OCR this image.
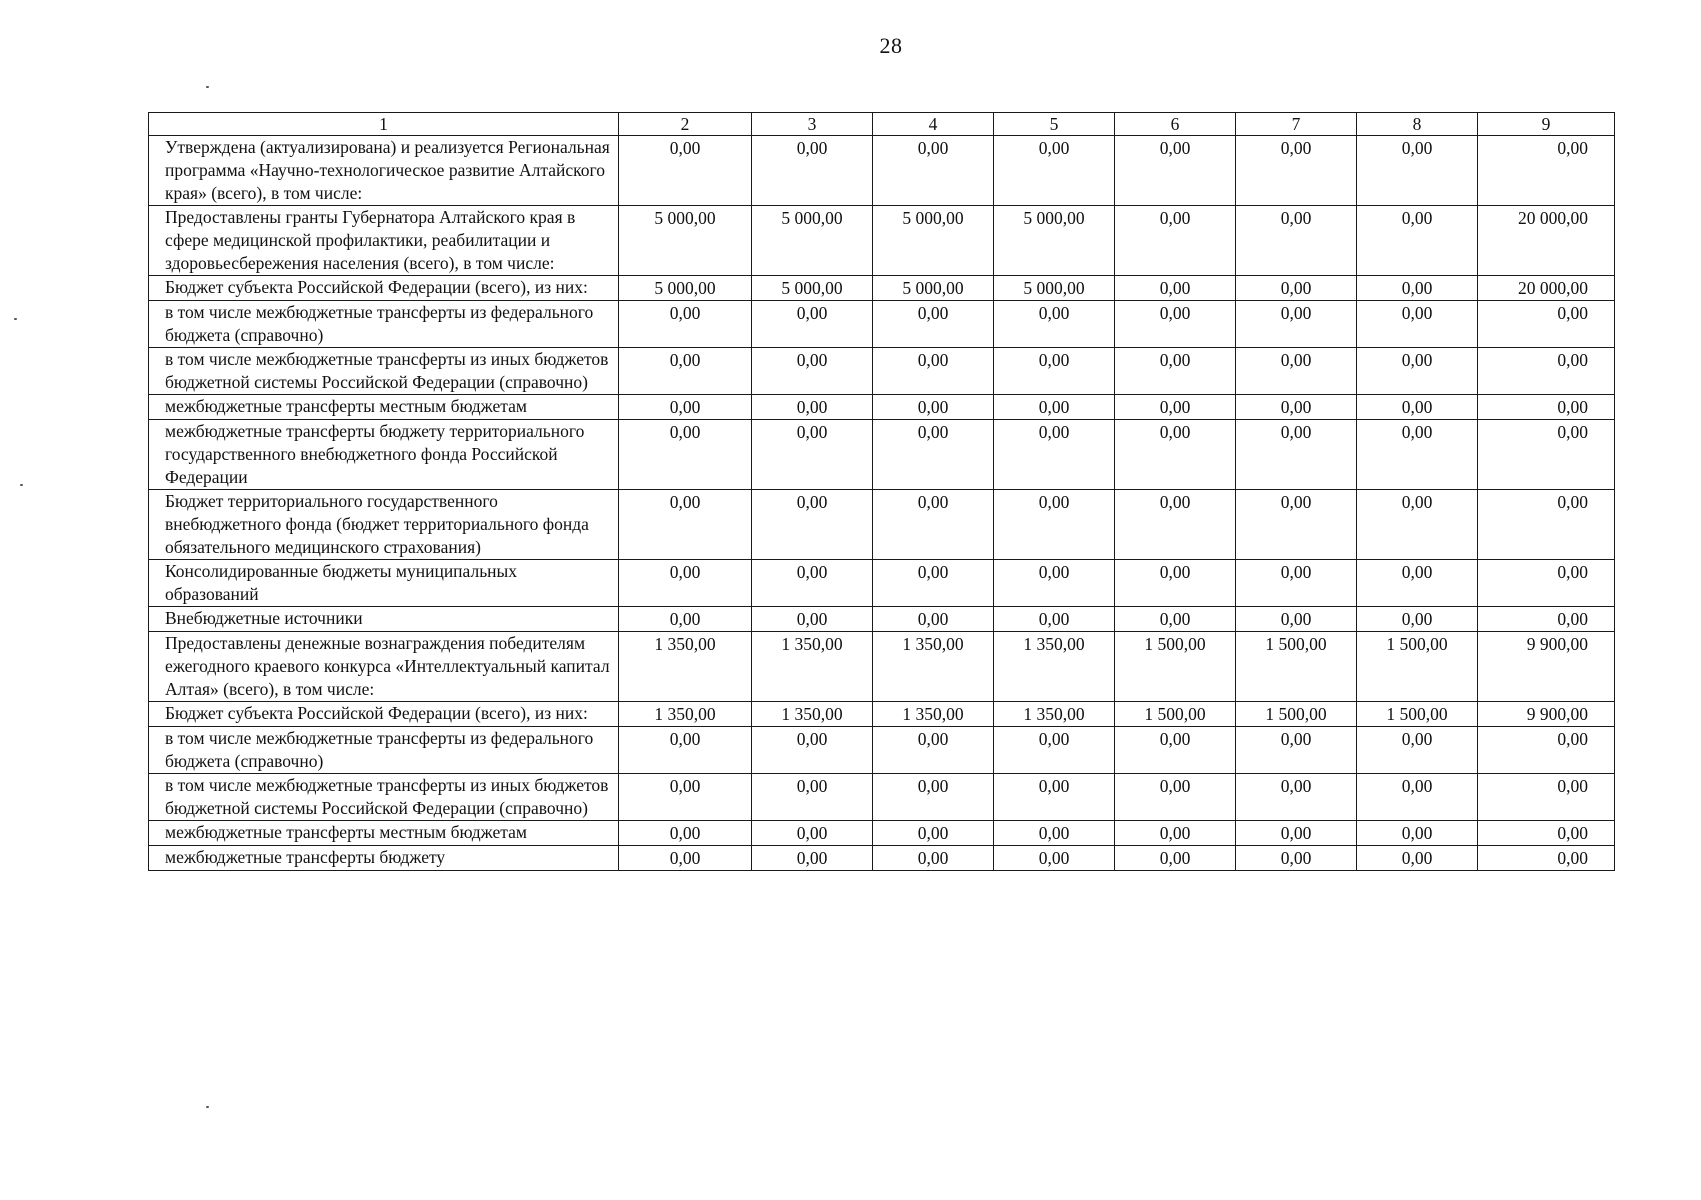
28
1	2	3	4	5	6	7	8	9
Утверждена (актуализирована) и реализуется Региональная программа «Научно-технологическое развитие Алтайского края» (всего), в том числе:	0,00	0,00	0,00	0,00	0,00	0,00	0,00	0,00
Предоставлены гранты Губернатора Алтайского края в сфере медицинской профилактики, реабилитации и здоровьесбережения населения (всего), в том числе:	5 000,00	5 000,00	5 000,00	5 000,00	0,00	0,00	0,00	20 000,00
Бюджет субъекта Российской Федерации (всего), из них:	5 000,00	5 000,00	5 000,00	5 000,00	0,00	0,00	0,00	20 000,00
в том числе межбюджетные трансферты из федерального бюджета (справочно)	0,00	0,00	0,00	0,00	0,00	0,00	0,00	0,00
в том числе межбюджетные трансферты из иных бюджетов бюджетной системы Российской Федерации (справочно)	0,00	0,00	0,00	0,00	0,00	0,00	0,00	0,00
межбюджетные трансферты местным бюджетам	0,00	0,00	0,00	0,00	0,00	0,00	0,00	0,00
межбюджетные трансферты бюджету территориального государственного внебюджетного фонда Российской Федерации	0,00	0,00	0,00	0,00	0,00	0,00	0,00	0,00
Бюджет территориального государственного внебюджетного фонда (бюджет территориального фонда обязательного медицинского страхования)	0,00	0,00	0,00	0,00	0,00	0,00	0,00	0,00
Консолидированные бюджеты муниципальных образований	0,00	0,00	0,00	0,00	0,00	0,00	0,00	0,00
Внебюджетные источники	0,00	0,00	0,00	0,00	0,00	0,00	0,00	0,00
Предоставлены денежные вознаграждения победителям ежегодного краевого конкурса «Интеллектуальный капитал Алтая» (всего), в том числе:	1 350,00	1 350,00	1 350,00	1 350,00	1 500,00	1 500,00	1 500,00	9 900,00
Бюджет субъекта Российской Федерации (всего), из них:	1 350,00	1 350,00	1 350,00	1 350,00	1 500,00	1 500,00	1 500,00	9 900,00
в том числе межбюджетные трансферты из федерального бюджета (справочно)	0,00	0,00	0,00	0,00	0,00	0,00	0,00	0,00
в том числе межбюджетные трансферты из иных бюджетов бюджетной системы Российской Федерации (справочно)	0,00	0,00	0,00	0,00	0,00	0,00	0,00	0,00
межбюджетные трансферты местным бюджетам	0,00	0,00	0,00	0,00	0,00	0,00	0,00	0,00
межбюджетные трансферты бюджету	0,00	0,00	0,00	0,00	0,00	0,00	0,00	0,00
